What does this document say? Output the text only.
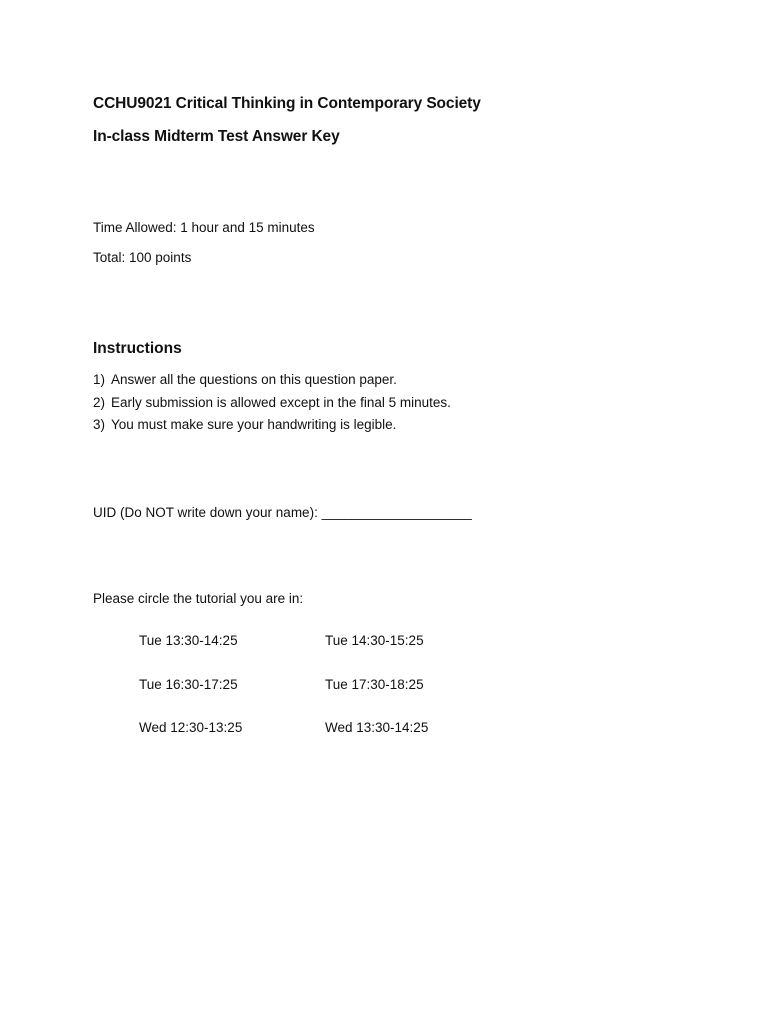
CCHU9021 Critical Thinking in Contemporary Society
In-class Midterm Test Answer Key
Time Allowed: 1 hour and 15 minutes
Total: 100 points
Instructions
1) Answer all the questions on this question paper.
2) Early submission is allowed except in the final 5 minutes.
3) You must make sure your handwriting is legible.
UID (Do NOT write down your name): ____________________
Please circle the tutorial you are in:
Tue 13:30-14:25	Tue 14:30-15:25
Tue 16:30-17:25	Tue 17:30-18:25
Wed 12:30-13:25	Wed 13:30-14:25
